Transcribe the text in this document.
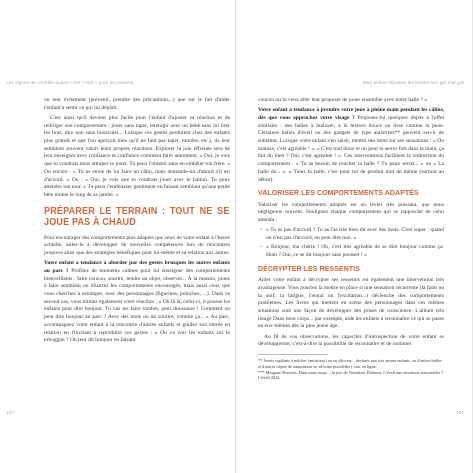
Les signes de contrôle quand c'est « non » pour les parents

ou leur évitement (prévenir, prendre des précautions...) que sur le fait d'aider l'enfant à sentir ce qui lui déplaît.

C'est ainsi qu'il devient plus facile pour l'enfant d'ajuster sa réaction et de rediriger son comportement : jouer sans taper, interagir avec un bébé sans lui tirer les bras, dire non sans bousculer... Lorsque ces gestes perdurent chez des enfants plus grands et que l'on aperçoit bien qu'il ne faut pas taper, mordre, etc.), ils leur semblent souvent valoir leurs propres réactions. Explorer la joie effrénée sera de leur enseigner avec confiance et confiance comment faire autrement. « Oui, je vois que tu voudrais nous attraper le jouet. Tu peux l'obtenir sans en embêter ton frère. » Ou encore : « Tu as envie de lui faire un câlin, mais demande-lui d'abord s'il est d'accord. » Ou : « Oui, je vois que tu voudrais jouer avec le ballon. Tu peux attendre ton tour. » Tu peux l'embrasser gentiment en faisant semblant qu'une petite bête monte le long de sa jambe. »

PRÉPARER LE TERRAIN : TOUT NE SE JOUE PAS À CHAUD

Pour encourager des comportements plus adaptés que ceux de votre enfant à l'heure actuelle, aidez-le à développer de nouvelles compétences lors de rencontres propices ainsi que des stratégies bénéfiques pour lui-même et sa relation aux autres.

Votre enfant a tendance à aborder par des gestes brusques les autres enfants au parc ? Profitez de moments calmes pour lui enseigner des comportements bienveillants : faire coucou, sourire, tendre un objet, observer... À la maison, jouez à faire semblant ou illustrez les comportements encouragés, mais aussi ceux que vous cherchez à estomper, avec des personnages (figurines, peluches, ...). Dans ce second cas, vous mimez également votre réaction : « Oh là là, celui-ci, il pousse les enfants pour dire bonjour. Tu vas les faire tomber, petit dinosaure ! Comment on peut dire bonjour au parc ? Avec des mots ou un sourire, comme ça... » Au parc, accompagnez votre enfant à la rencontre d'autres enfants et guidez son entrée en relation en l'invitant à reproduire ces gestes : « On va voir les enfants sur le toboggan ? On leur dit bonjour en faisant

100
Mon enfant dépasse les limites bon gré mal gré

coucou ou tu veux aller leur proposer de jouer ensemble avec notre balle ? »

Votre enfant a tendance à prendre votre joue à pleine main pendant les câlins, dès que vous approchez votre visage ? Proposez-lui quelques objets à l'effet similaire : des balles à malaxer, à la texture douce ou lisse comme la peau. Certaines balles d'éveil ou des gadgets de type antistress** peuvent servir de substitut. Lorsque votre enfant s'en saisit, mettez des mots sur ses sensations : « On malaxe, c'est agréable ! », « C'est tout doux et on peut le serrer fort dans la main, ça fait du bien ? Oui, c'est agréable ! ». Ces interventions facilitent la redirection du comportement : « Tu as besoin de toucher la balle ? Tu peux serrer... » ou « La balle de... ». « Tiens la balle, c'est pour toi de produit tout de même (surtout au début).

VALORISER LES COMPORTEMENTS ADAPTÉS

Valoriser les comportements adaptés est un levier très puissant, que nous négligeons souvent. Soulignez chaque comportement qui se rapproche de celui attendu :

• « Tu es pas d'accord ? Tu as l'as très bien dit avec des mots. C'est super : quand on n'est pas d'accord, on peut dire non. »
• « Bonjour, ma chérie ! Oh, c'est très agréable de se dire bonjour comme ça. Hum ? Oui, ce se dit bonjour sans pousser ! »
DÉCRYPTER LES RESSENTIS

Aider votre enfant à décrypter ses ressentis est également une intervention très avantageuse. Vous pourrez la mettre en place si une sensation récurrente (la faim ou la soif, la fatigue, l'ennui ou l'excitation...) déclenche des comportements problèmes. Les livres qui mettent en scène des personnages dans ces mêmes situations sont une façon de développer des prises de conscience. L'album très imagé Dans mon corps... par exemple, aide les enfants à reconnaître ce qui se passe en eux-mêmes dès la plus jeune âge.

Au fil de vos observations, les capacités d'introspection de votre enfant se développeront, c'est-à-dire la possibilité de reconnaître et de nommer

** Jouets vigilants à mâcher (antistress) ou en silicone... destinés aux très jeunes enfants, ou d'autres balles et d'autres objets de stimulation en silicone (mordiller), voir en ligne.

*** Morgane Sherwin, Dans mon corps..., la joie de l'émotion, Éditions. L'éveil aux émotions sensorielles ? L'éveil 2022.

101
